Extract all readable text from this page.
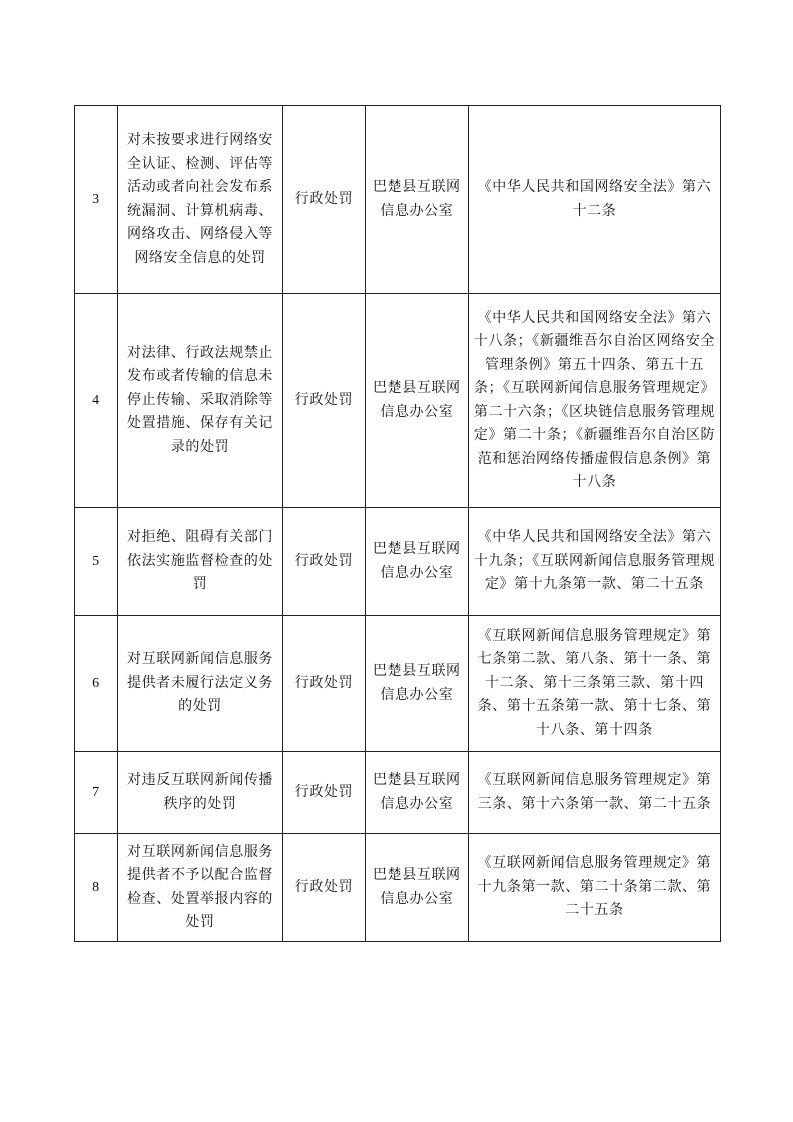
3	对未按要求进行网络安全认证、检测、评估等活动或者向社会发布系统漏洞、计算机病毒、网络攻击、网络侵入等网络安全信息的处罚	行政处罚	巴楚县互联网信息办公室	《中华人民共和国网络安全法》第六十二条
4	对法律、行政法规禁止发布或者传输的信息未停止传输、采取消除等处置措施、保存有关记录的处罚	行政处罚	巴楚县互联网信息办公室	《中华人民共和国网络安全法》第六十八条；《新疆维吾尔自治区网络安全管理条例》第五十四条、第五十五条；《互联网新闻信息服务管理规定》第二十六条；《区块链信息服务管理规定》第二十条；《新疆维吾尔自治区防范和惩治网络传播虚假信息条例》第十八条
5	对拒绝、阻碍有关部门依法实施监督检查的处罚	行政处罚	巴楚县互联网信息办公室	《中华人民共和国网络安全法》第六十九条；《互联网新闻信息服务管理规定》第十九条第一款、第二十五条
6	对互联网新闻信息服务提供者未履行法定义务的处罚	行政处罚	巴楚县互联网信息办公室	《互联网新闻信息服务管理规定》第七条第二款、第八条、第十一条、第十二条、第十三条第三款、第十四条、第十五条第一款、第十七条、第十八条、第十四条
7	对违反互联网新闻传播秩序的处罚	行政处罚	巴楚县互联网信息办公室	《互联网新闻信息服务管理规定》第三条、第十六条第一款、第二十五条
8	对互联网新闻信息服务提供者不予以配合监督检查、处置举报内容的处罚	行政处罚	巴楚县互联网信息办公室	《互联网新闻信息服务管理规定》第十九条第一款、第二十条第二款、第二十五条
